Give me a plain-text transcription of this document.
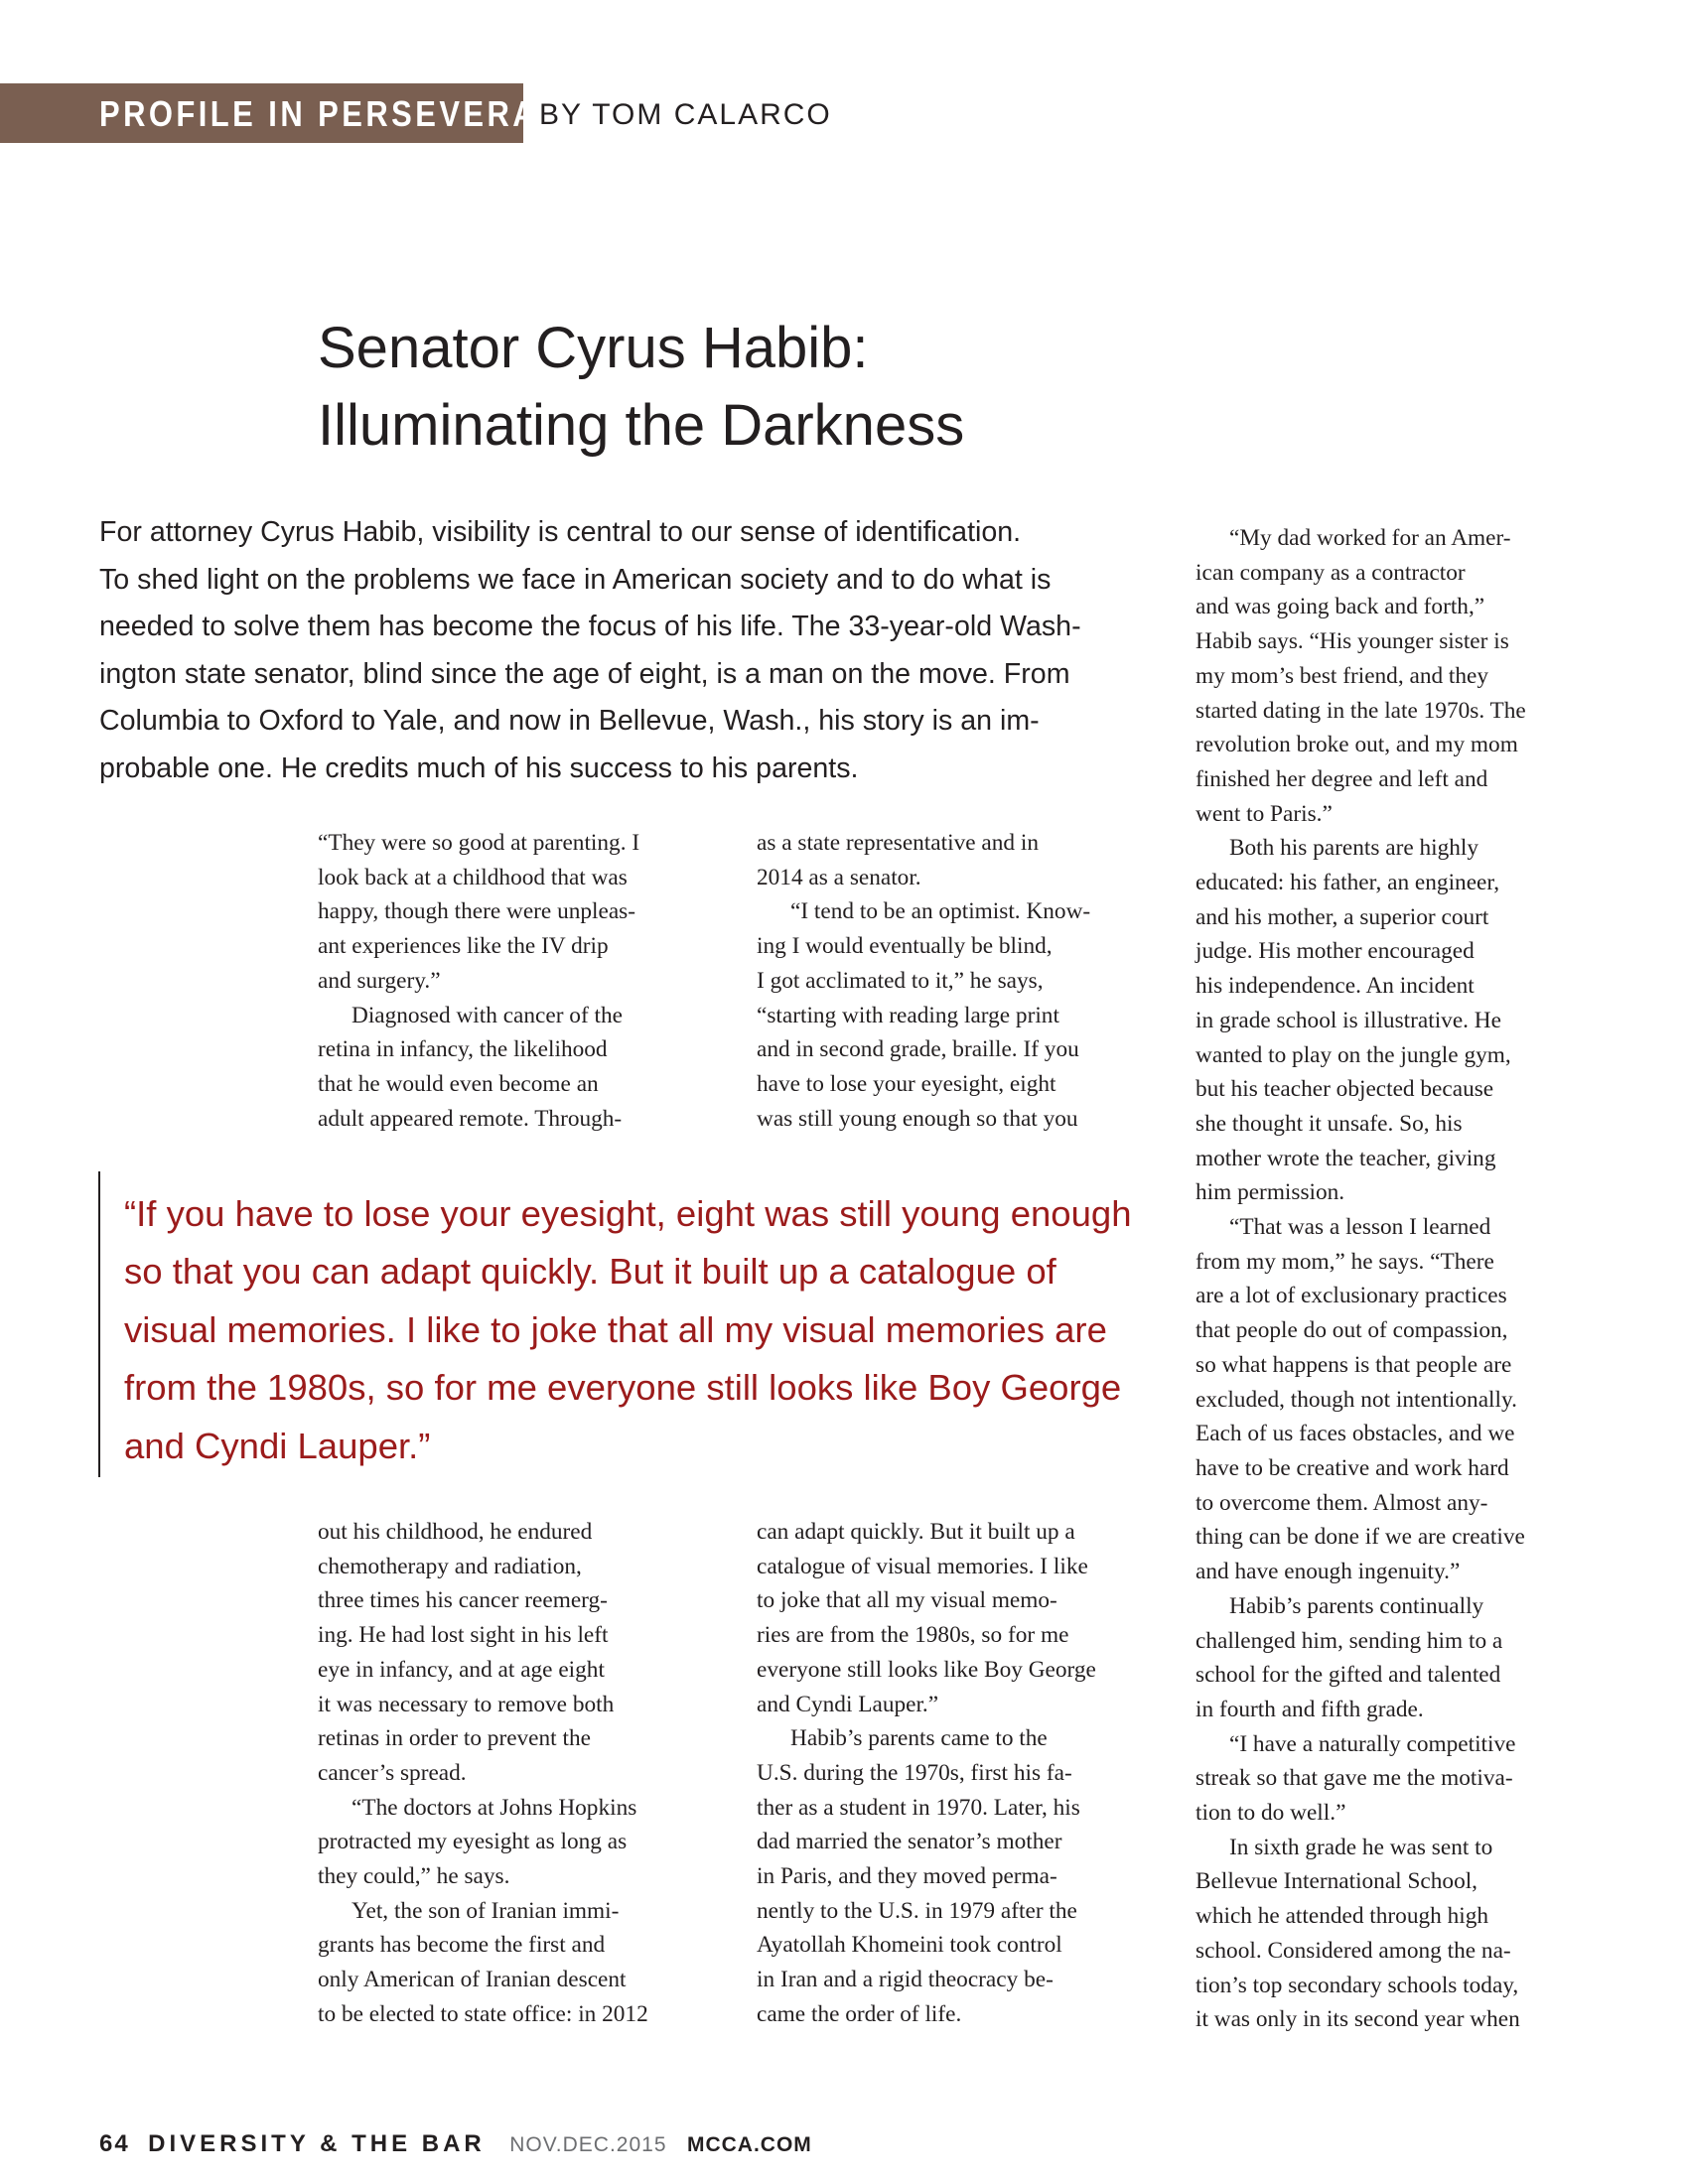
PROFILE IN PERSEVERANCE
BY TOM CALARCO
Senator Cyrus Habib:
Illuminating the Darkness
For attorney Cyrus Habib, visibility is central to our sense of identification.
To shed light on the problems we face in American society and to do what is
needed to solve them has become the focus of his life. The 33-year-old Wash-
ington state senator, blind since the age of eight, is a man on the move. From
Columbia to Oxford to Yale, and now in Bellevue, Wash., his story is an im-
probable one. He credits much of his success to his parents.
“They were so good at parenting. I
look back at a childhood that was
happy, though there were unpleas-
ant experiences like the IV drip
and surgery.”
Diagnosed with cancer of the
retina in infancy, the likelihood
that he would even become an
adult appeared remote. Through-
as a state representative and in
2014 as a senator.
“I tend to be an optimist. Know-
ing I would eventually be blind,
I got acclimated to it,” he says,
“starting with reading large print
and in second grade, braille. If you
have to lose your eyesight, eight
was still young enough so that you
“If you have to lose your eyesight, eight was still young enough
so that you can adapt quickly. But it built up a catalogue of
visual memories. I like to joke that all my visual memories are
from the 1980s, so for me everyone still looks like Boy George
and Cyndi Lauper.”
out his childhood, he endured
chemotherapy and radiation,
three times his cancer reemerg-
ing. He had lost sight in his left
eye in infancy, and at age eight
it was necessary to remove both
retinas in order to prevent the
cancer’s spread.
“The doctors at Johns Hopkins
protracted my eyesight as long as
they could,” he says.
Yet, the son of Iranian immi-
grants has become the first and
only American of Iranian descent
to be elected to state office: in 2012
can adapt quickly. But it built up a
catalogue of visual memories. I like
to joke that all my visual memo-
ries are from the 1980s, so for me
everyone still looks like Boy George
and Cyndi Lauper.”
Habib’s parents came to the
U.S. during the 1970s, first his fa-
ther as a student in 1970. Later, his
dad married the senator’s mother
in Paris, and they moved perma-
nently to the U.S. in 1979 after the
Ayatollah Khomeini took control
in Iran and a rigid theocracy be-
came the order of life.
“My dad worked for an Amer-
ican company as a contractor
and was going back and forth,”
Habib says. “His younger sister is
my mom’s best friend, and they
started dating in the late 1970s. The
revolution broke out, and my mom
finished her degree and left and
went to Paris.”
Both his parents are highly
educated: his father, an engineer,
and his mother, a superior court
judge. His mother encouraged
his independence. An incident
in grade school is illustrative. He
wanted to play on the jungle gym,
but his teacher objected because
she thought it unsafe. So, his
mother wrote the teacher, giving
him permission.
“That was a lesson I learned
from my mom,” he says. “There
are a lot of exclusionary practices
that people do out of compassion,
so what happens is that people are
excluded, though not intentionally.
Each of us faces obstacles, and we
have to be creative and work hard
to overcome them. Almost any-
thing can be done if we are creative
and have enough ingenuity.”
Habib’s parents continually
challenged him, sending him to a
school for the gifted and talented
in fourth and fifth grade.
“I have a naturally competitive
streak so that gave me the motiva-
tion to do well.”
In sixth grade he was sent to
Bellevue International School,
which he attended through high
school. Considered among the na-
tion’s top secondary schools today,
it was only in its second year when
64 DIVERSITY & THE BAR NOV.DEC.2015 MCCA.COM
